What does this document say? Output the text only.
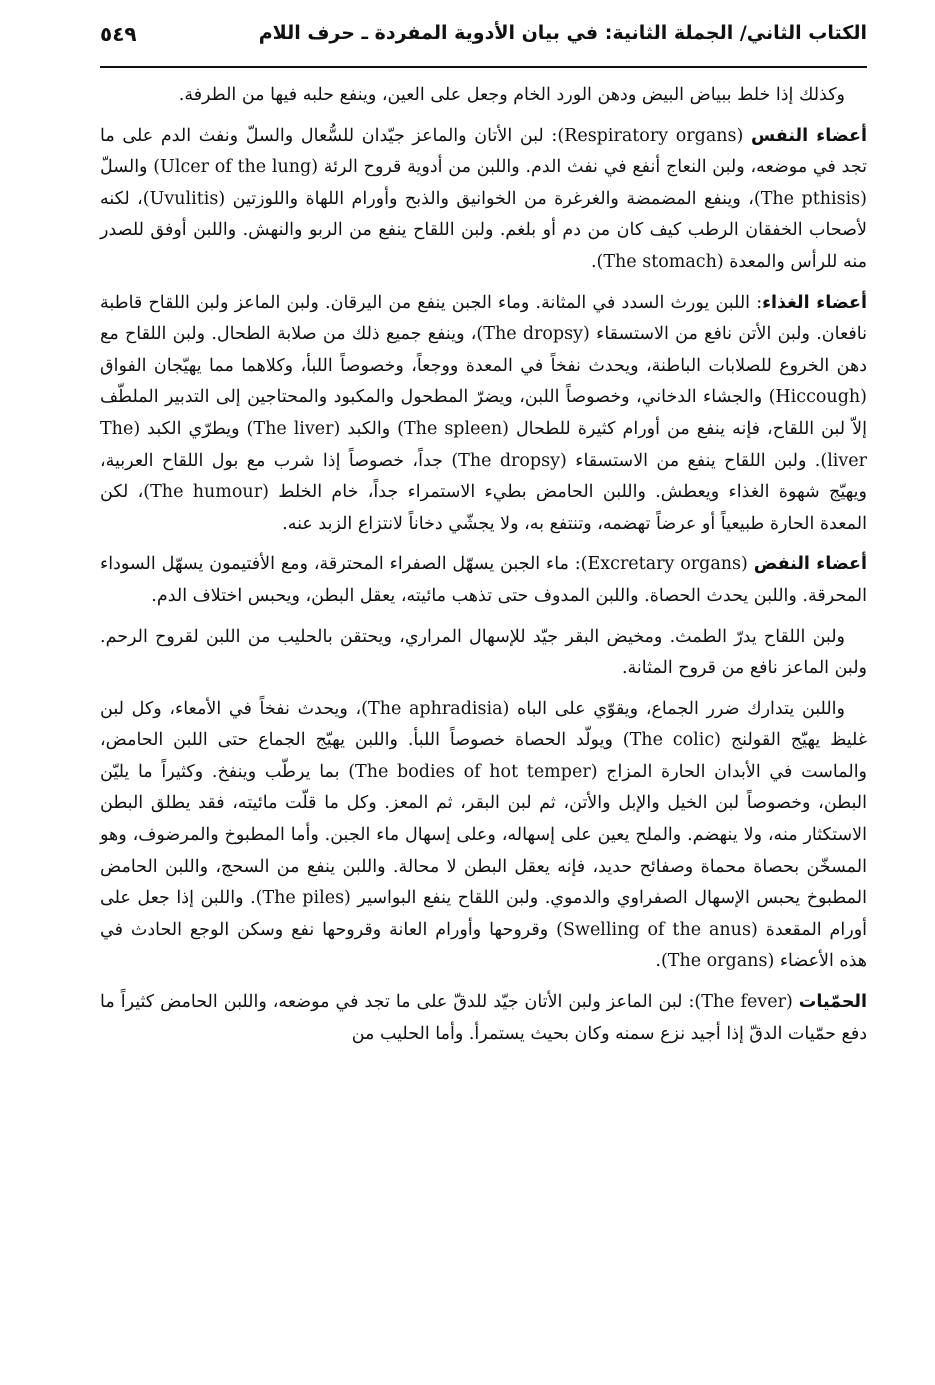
الكتاب الثاني/ الجملة الثانية: في بيان الأدوية المفردة ـ حرف اللام
٥٤٩

وكذلك إذا خلط ببياض البيض ودهن الورد الخام وجعل على العين، وينفع حلبه فيها من الطرفة.

أعضاء النفس (Respiratory organs): لبن الأتان والماعز جيّدان للسُّعال والسلّ ونفث الدم على ما تجد في موضعه، ولبن النعاج أنفع في نفث الدم. واللبن من أدوية قروح الرئة (Ulcer of the lung) والسلّ (The pthisis)، وينفع المضمضة والغرغرة من الخوانيق والذبح وأورام اللهاة واللوزتين (Uvulitis)، لكنه لأصحاب الخفقان الرطب كيف كان من دم أو بلغم. ولبن اللقاح ينفع من الربو والنهش. واللبن أوفق للصدر منه للرأس والمعدة (The stomach).

أعضاء الغذاء: اللبن يورث السدد في المثانة. وماء الجبن ينفع من اليرقان. ولبن الماعز ولبن اللقاح قاطبة نافعان. ولبن الأتن نافع من الاستسقاء (The dropsy)، وينفع جميع ذلك من صلابة الطحال. ولبن اللقاح مع دهن الخروع للصلابات الباطنة، ويحدث نفخاً في المعدة ووجعاً، وخصوصاً اللبأ، وكلاهما مما يهيّجان الفواق (Hiccough) والجشاء الدخاني، وخصوصاً اللبن، ويضرّ المطحول والمكبود والمحتاجين إلى التدبير الملطّف إلاّ لبن اللقاح، فإنه ينفع من أورام كثيرة للطحال (The spleen) والكبد (The liver) ويطرّي الكبد (The liver). ولبن اللقاح ينفع من الاستسقاء (The dropsy) جداً، خصوصاً إذا شرب مع بول اللقاح العربية، ويهيّج شهوة الغذاء ويعطش. واللبن الحامض بطيء الاستمراء جداً، خام الخلط (The humour)، لكن المعدة الحارة طبيعياً أو عرضاً تهضمه، وتنتفع به، ولا يجشّي دخاناً لانتزاع الزبد عنه.

أعضاء النفض (Excretary organs): ماء الجبن يسهّل الصفراء المحترقة، ومع الأفتيمون يسهّل السوداء المحرقة. واللبن يحدث الحصاة. واللبن المدوف حتى تذهب مائيته، يعقل البطن، ويحبس اختلاف الدم.

ولبن اللقاح يدرّ الطمث. ومخيض البقر جيّد للإسهال المراري، ويحتقن بالحليب من اللبن لقروح الرحم. ولبن الماعز نافع من قروح المثانة.

واللبن يتدارك ضرر الجماع، ويقوّي على الباه (The aphradisia)، ويحدث نفخاً في الأمعاء، وكل لبن غليظ يهيّج القولنج (The colic) ويولّد الحصاة خصوصاً اللبأ. واللبن يهيّج الجماع حتى اللبن الحامض، والماست في الأبدان الحارة المزاج (The bodies of hot temper) بما يرطّب وينفخ. وكثيراً ما يليّن البطن، وخصوصاً لبن الخيل والإبل والأتن، ثم لبن البقر، ثم المعز. وكل ما قلّت مائيته، فقد يطلق البطن الاستكثار منه، ولا ينهضم. والملح يعين على إسهاله، وعلى إسهال ماء الجبن. وأما المطبوخ والمرضوف، وهو المسخّن بحصاة محماة وصفائح حديد، فإنه يعقل البطن لا محالة. واللبن ينفع من السحج، واللبن الحامض المطبوخ يحبس الإسهال الصفراوي والدموي. ولبن اللقاح ينفع البواسير (The piles). واللبن إذا جعل على أورام المقعدة (Swelling of the anus) وقروحها وأورام العانة وقروحها نفع وسكن الوجع الحادث في هذه الأعضاء (The organs).

الحمّيات (The fever): لبن الماعز ولبن الأتان جيّد للدقّ على ما تجد في موضعه، واللبن الحامض كثيراً ما دفع حمّيات الدقّ إذا أجيد نزع سمنه وكان بحيث يستمرأ. وأما الحليب من
